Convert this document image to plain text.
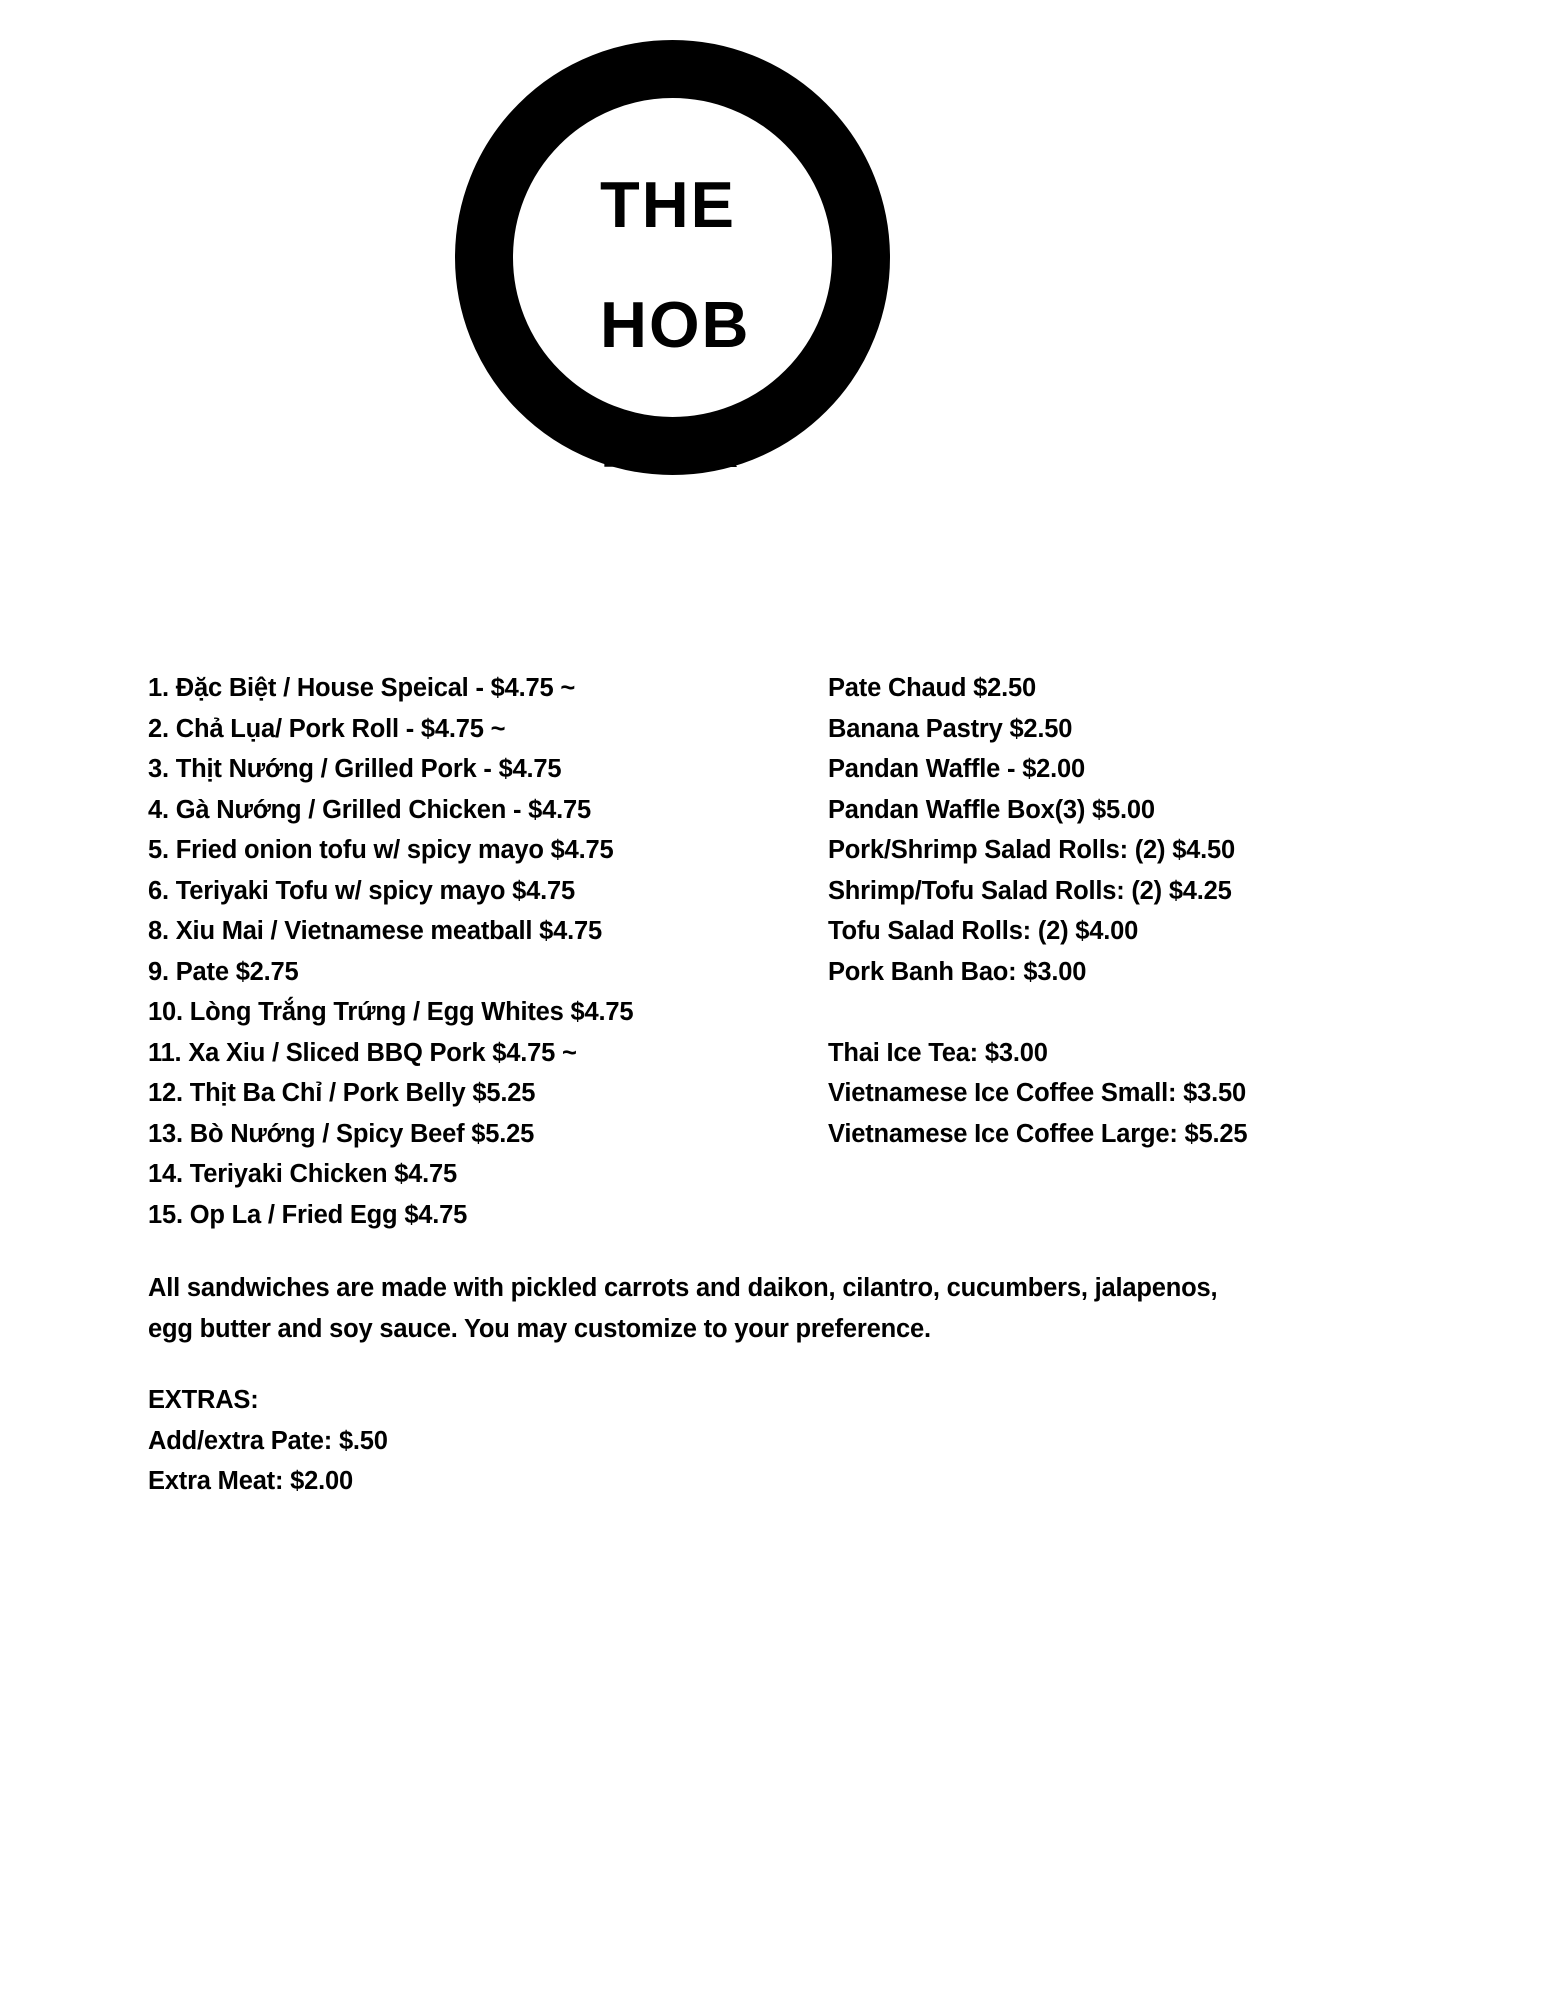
THE
HOB
PDX
1. Đặc Biệt / House Speical - $4.75 ~
2. Chả Lụa/ Pork Roll - $4.75 ~
3. Thịt Nướng / Grilled Pork - $4.75
4. Gà Nướng / Grilled Chicken - $4.75
5. Fried onion tofu w/ spicy mayo $4.75
6. Teriyaki Tofu w/ spicy mayo $4.75
8. Xiu Mai / Vietnamese meatball $4.75
9. Pate $2.75
10. Lòng Trắng Trứng / Egg Whites $4.75
11. Xa Xiu / Sliced BBQ Pork $4.75 ~
12. Thịt Ba Chỉ / Pork Belly $5.25
13. Bò Nướng / Spicy Beef $5.25
14. Teriyaki Chicken $4.75
15. Op La / Fried Egg $4.75
Pate Chaud $2.50
Banana Pastry $2.50
Pandan Waffle - $2.00
Pandan Waffle Box(3) $5.00
Pork/Shrimp Salad Rolls: (2) $4.50
Shrimp/Tofu Salad Rolls: (2) $4.25
Tofu Salad Rolls: (2) $4.00
Pork Banh Bao: $3.00
Thai Ice Tea: $3.00
Vietnamese Ice Coffee Small: $3.50
Vietnamese Ice Coffee Large: $5.25
All sandwiches are made with pickled carrots and daikon, cilantro, cucumbers, jalapenos,
egg butter and soy sauce. You may customize to your preference.
EXTRAS:
Add/extra Pate: $.50
Extra Meat: $2.00
